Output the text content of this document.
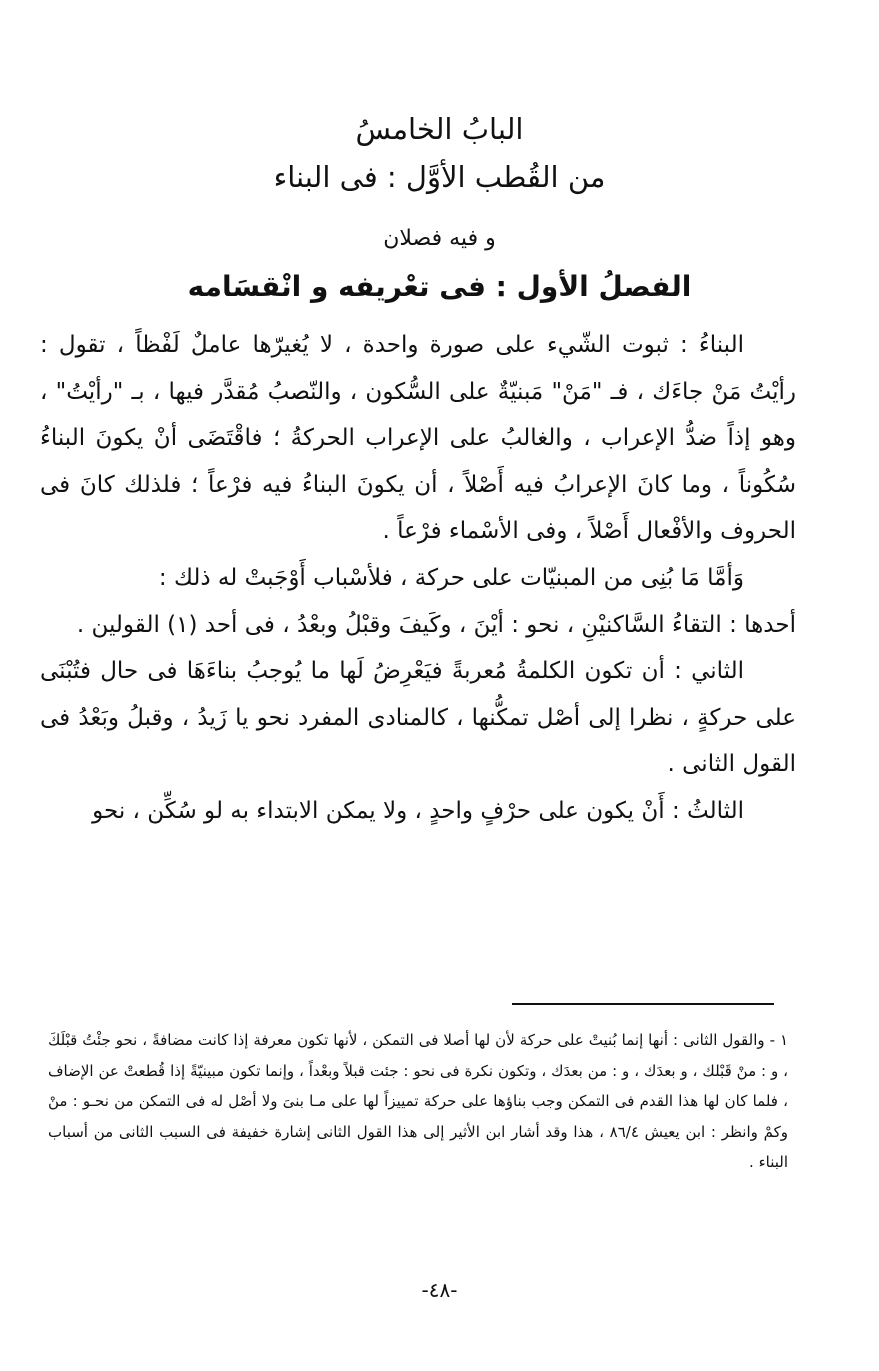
البابُ الخامسُ
من القُطب الأوَّل : فى البناء
و فيه فصلان
الفصلُ الأول : فى تعْريفه و انْقسَامه

البناءُ : ثبوت الشّيء على صورة واحدة ، لا يُغيرّها عاملٌ لَفْظاً ، تقول : رأيْتُ مَنْ جاءَك ، فـ "مَنْ" مَبنيّةٌ على السُّكون ، والنّصبُ مُقدَّر فيها ، بـ "رأيْتُ" ، وهو إذاً ضدُّ الإعراب ، والغالبُ على الإعراب الحركةُ ؛ فاقْتَضَى أنْ يكونَ البناءُ سُكُوناً ، وما كانَ الإعرابُ فيه أَصْلاً ، أن يكونَ البناءُ فيه فرْعاً ؛ فلذلك كانَ فى الحروف والأفْعال أَصْلاً ، وفى الأسْماء فرْعاً .

وَأمَّا مَا بُنِى من المبنيّات على حركة ، فلأسْباب أَوْجَبتْ له ذلك :

أحدها : التقاءُ السَّاكنيْنِ ، نحو : أيْنَ ، وكَيفَ وقبْلُ وبعْدُ ، فى أحد (١) القولين .

الثاني : أن تكون الكلمةُ مُعربةً فيَعْرِضُ لَها ما يُوجبُ بناءَهَا فى حال فتُبْنَى على حركةٍ ، نظرا إلى أصْل تمكُّنها ، كالمنادى المفرد نحو يا زَيدُ ، وقبلُ وبَعْدُ فى القول الثانى .

الثالثُ : أَنْ يكون على حرْفٍ واحدٍ ، ولا يمكن الابتداء به لو سُكِّن ، نحو

١ - والقول الثانى : أنها إنما بُنيتْ على حركة لأن لها أصلا فى التمكن ، لأنها تكون معرفة إذا كانت مضافةً ، نحو جئْتُ قبْلَكَ ، و : منْ قَبْلك ، و بعدَك ، و : من بعدَك ، وتكون نكرة فى نحو : جئت قبلاً وبعْداً ، وإنما تكون مبينيّةً إذا قُطعتْ عن الإضاف ، فلما كان لها هذا القدم فى التمكن وجب بناؤها على حركة تمييزاً لها على مـا بنىَ ولا أصْل له فى التمكن من نحـو : منْ وكمْ وانظر : ابن يعيش ٨٦/٤ ، هذا وقد أشار ابن الأثير إلى هذا القول الثانى إشارة خفيفة فى السبب الثانى من أسباب البناء .
-٤٨-
